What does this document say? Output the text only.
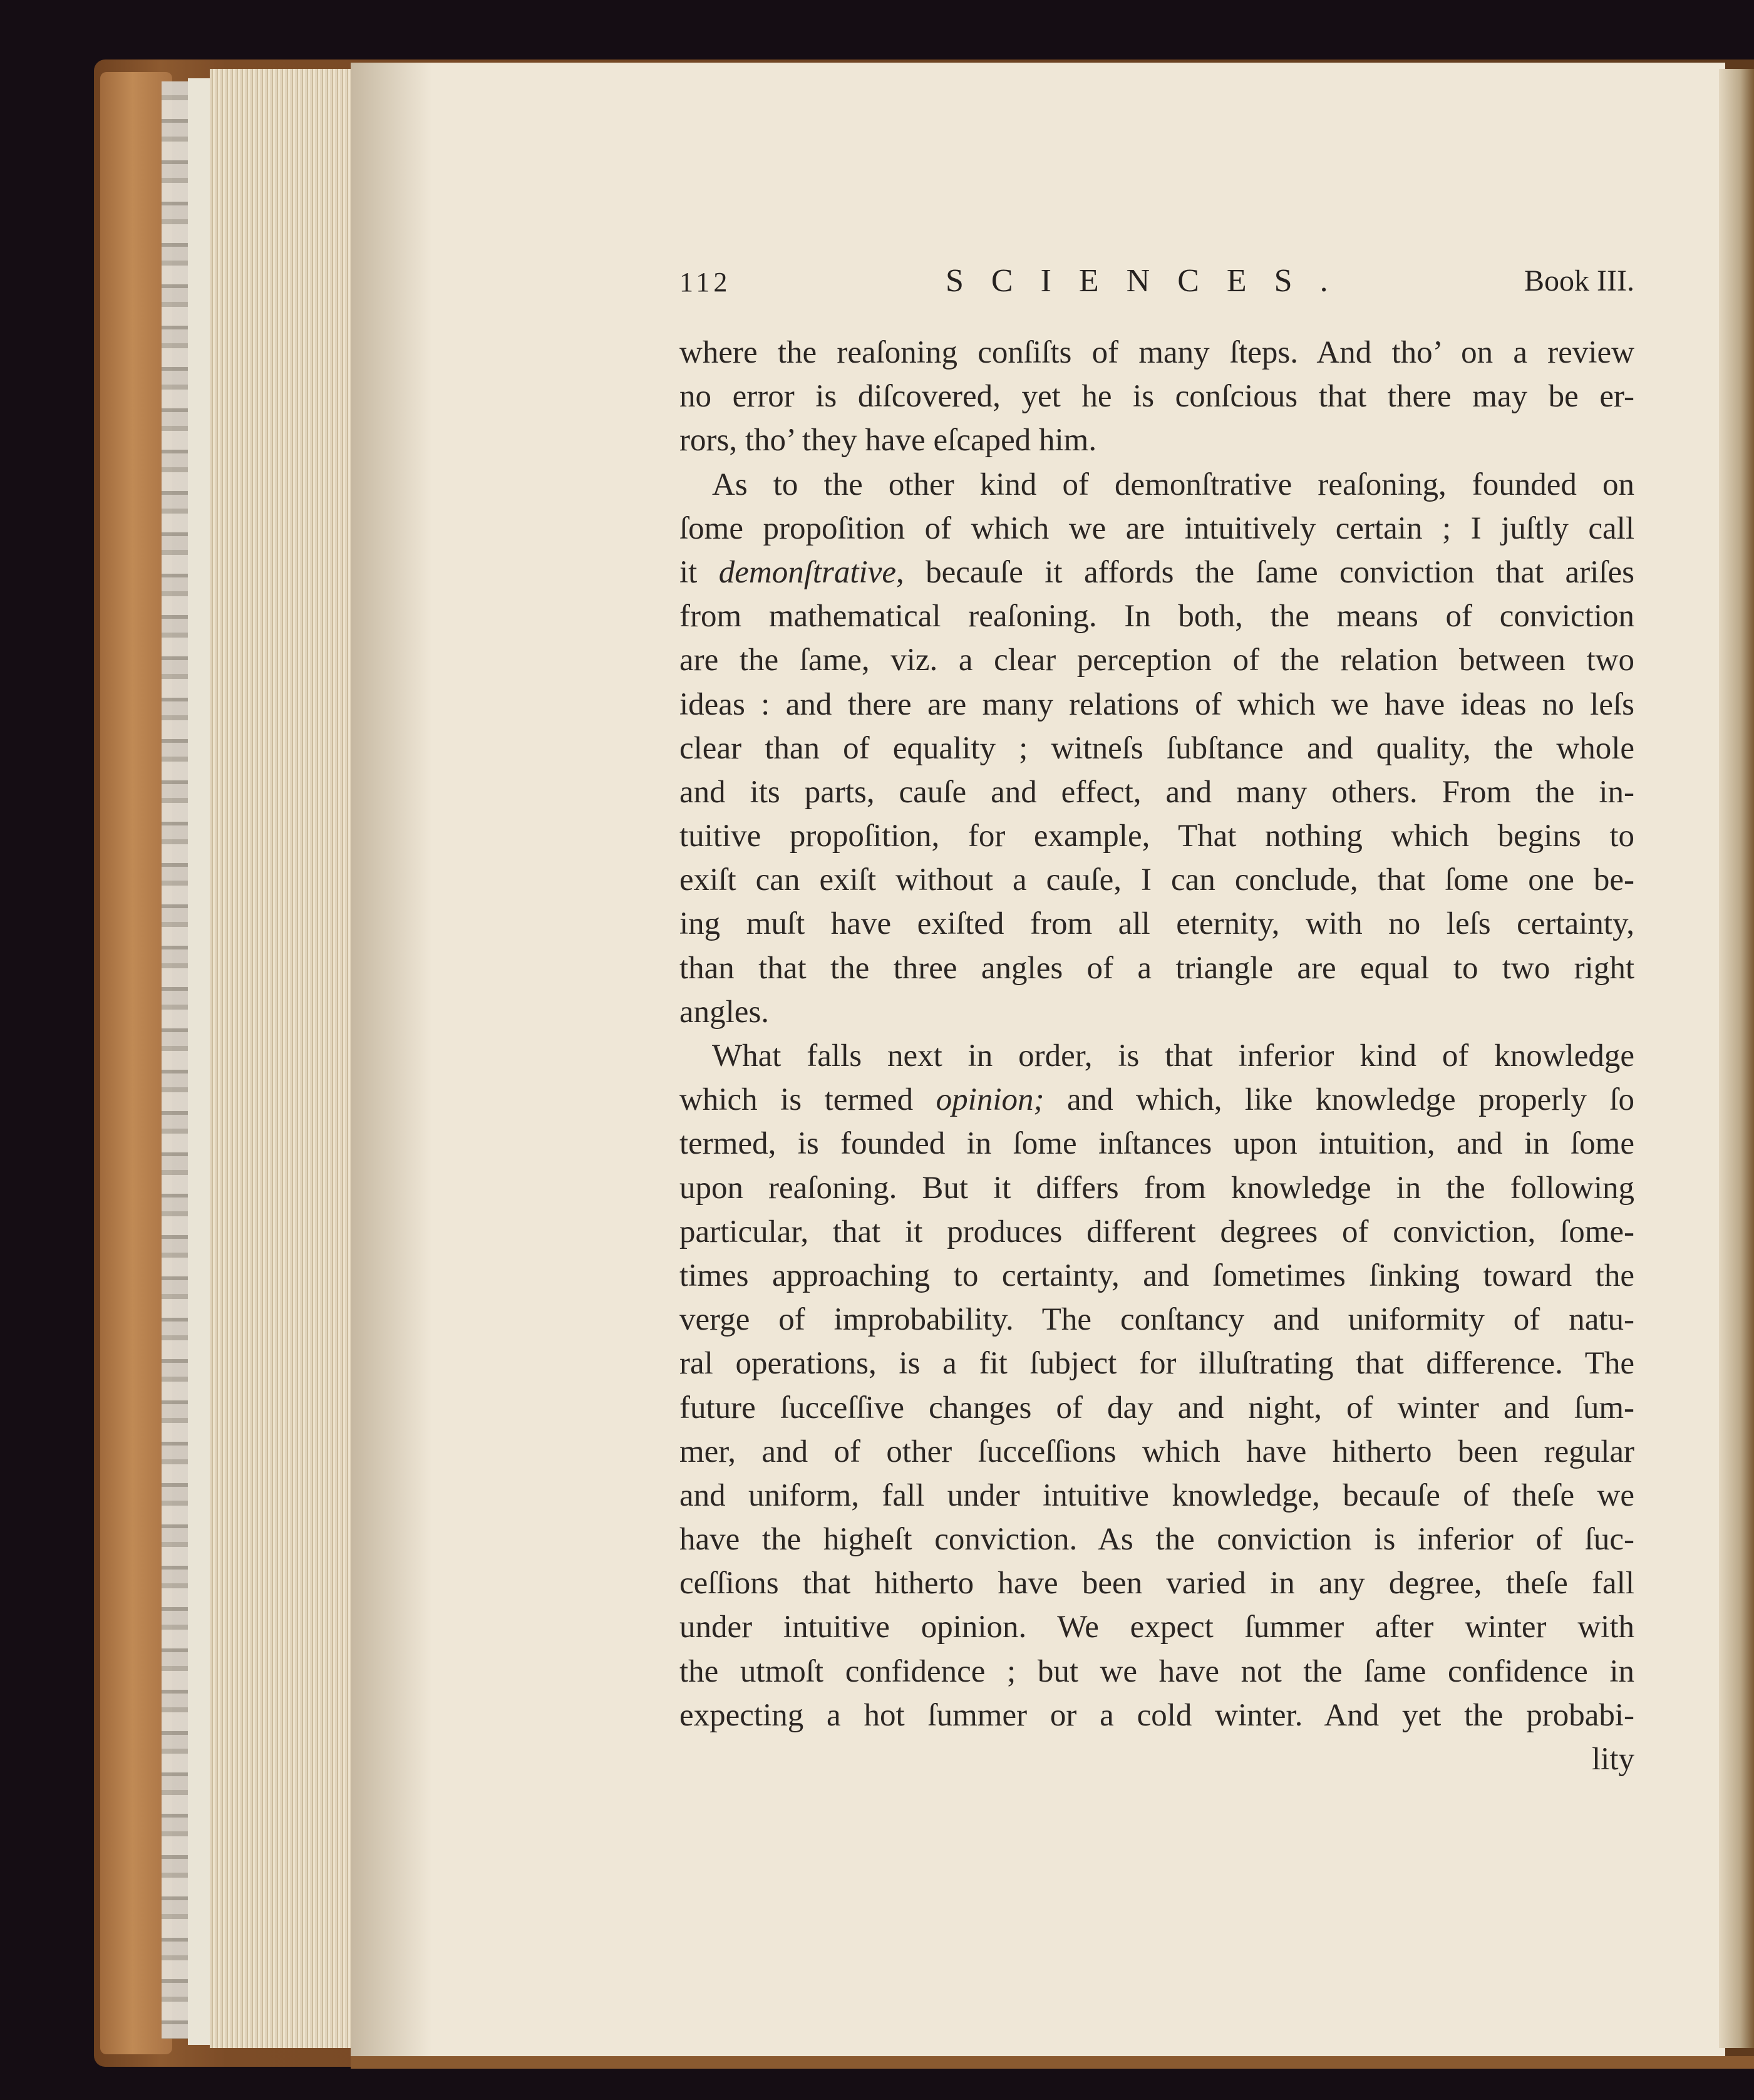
112	SCIENCES.	Book III.
where the reaſoning conſiſts of many ſteps. And tho’ on a review
no error is diſcovered, yet he is conſcious that there may be er-
rors, tho’ they have eſcaped him.
As to the other kind of demonſtrative reaſoning, founded on
ſome propoſition of which we are intuitively certain ; I juſtly call
it demonſtrative, becauſe it affords the ſame conviction that ariſes
from mathematical reaſoning. In both, the means of conviction
are the ſame, viz. a clear perception of the relation between two
ideas : and there are many relations of which we have ideas no leſs
clear than of equality ; witneſs ſubſtance and quality, the whole
and its parts, cauſe and effect, and many others. From the in-
tuitive propoſition, for example, That nothing which begins to
exiſt can exiſt without a cauſe, I can conclude, that ſome one be-
ing muſt have exiſted from all eternity, with no leſs certainty,
than that the three angles of a triangle are equal to two right
angles.
What falls next in order, is that inferior kind of knowledge
which is termed opinion; and which, like knowledge properly ſo
termed, is founded in ſome inſtances upon intuition, and in ſome
upon reaſoning. But it differs from knowledge in the following
particular, that it produces different degrees of conviction, ſome-
times approaching to certainty, and ſometimes ſinking toward the
verge of improbability. The conſtancy and uniformity of natu-
ral operations, is a fit ſubject for illuſtrating that difference. The
future ſucceſſive changes of day and night, of winter and ſum-
mer, and of other ſucceſſions which have hitherto been regular
and uniform, fall under intuitive knowledge, becauſe of theſe we
have the higheſt conviction. As the conviction is inferior of ſuc-
ceſſions that hitherto have been varied in any degree, theſe fall
under intuitive opinion. We expect ſummer after winter with
the utmoſt confidence ; but we have not the ſame confidence in
expecting a hot ſummer or a cold winter. And yet the probabi-
lity
